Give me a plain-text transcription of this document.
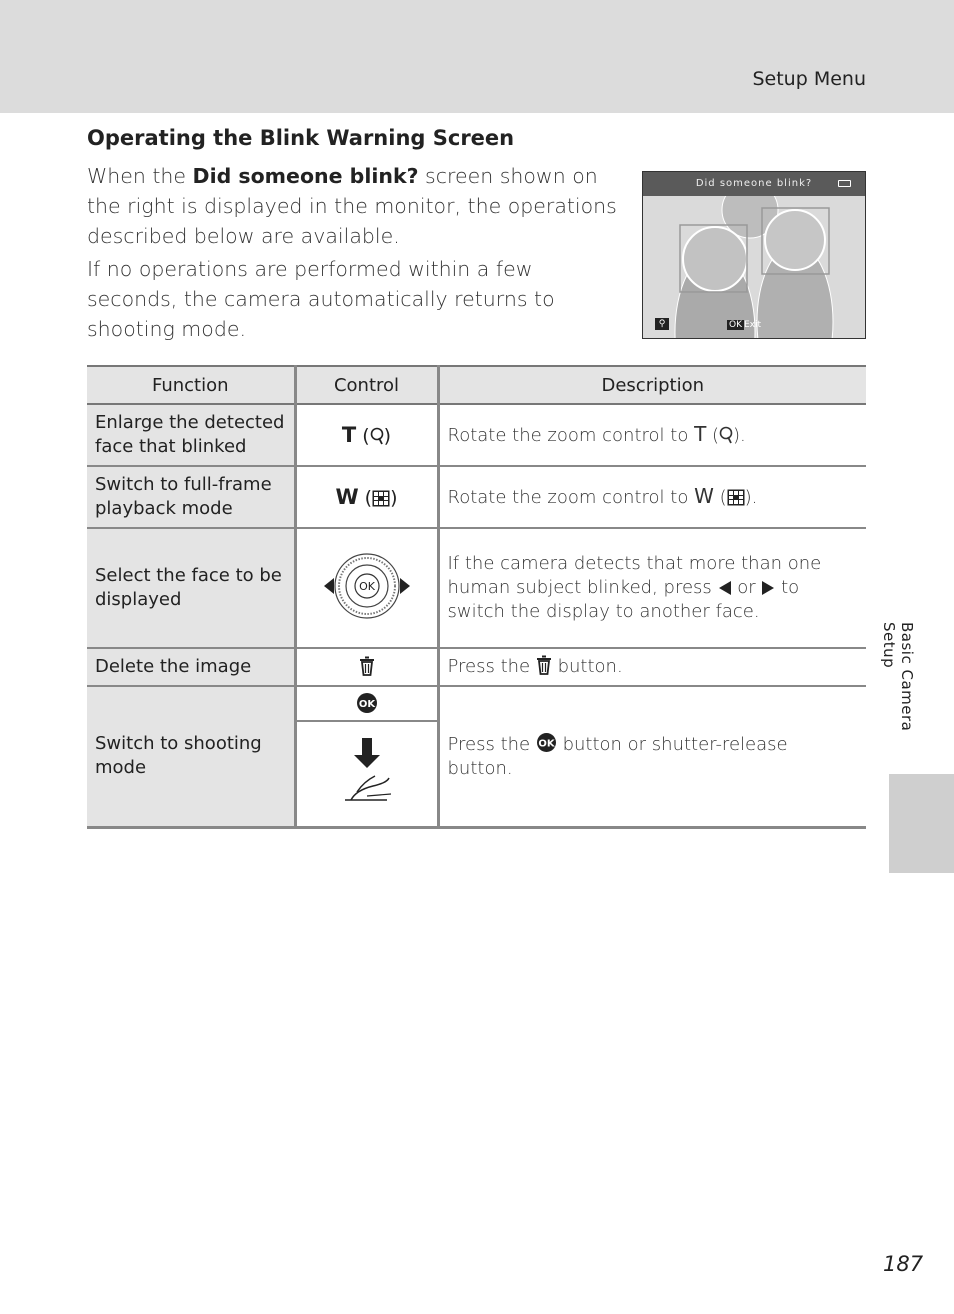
Setup Menu
Operating the Blink Warning Screen

When the Did someone blink? screen shown on the right is displayed in the monitor, the operations described below are available.

If no operations are performed within a few seconds, the camera automatically returns to shooting mode.

Did someone blink?
⚲	OK Exit
Function	Control	Description
Enlarge the detected face that blinked	T ( )	Rotate the zoom control to T ( ).
Switch to full-frame playback mode	W ( )	Rotate the zoom control to W ( ).
Select the face to be displayed	OK	If the camera detects that more than one human subject blinked, press  or  to switch the display to another face.
Delete the image		Press the  button.
Switch to shooting mode	OK	Press the OK button or shutter-release button.

Basic Camera Setup
187
